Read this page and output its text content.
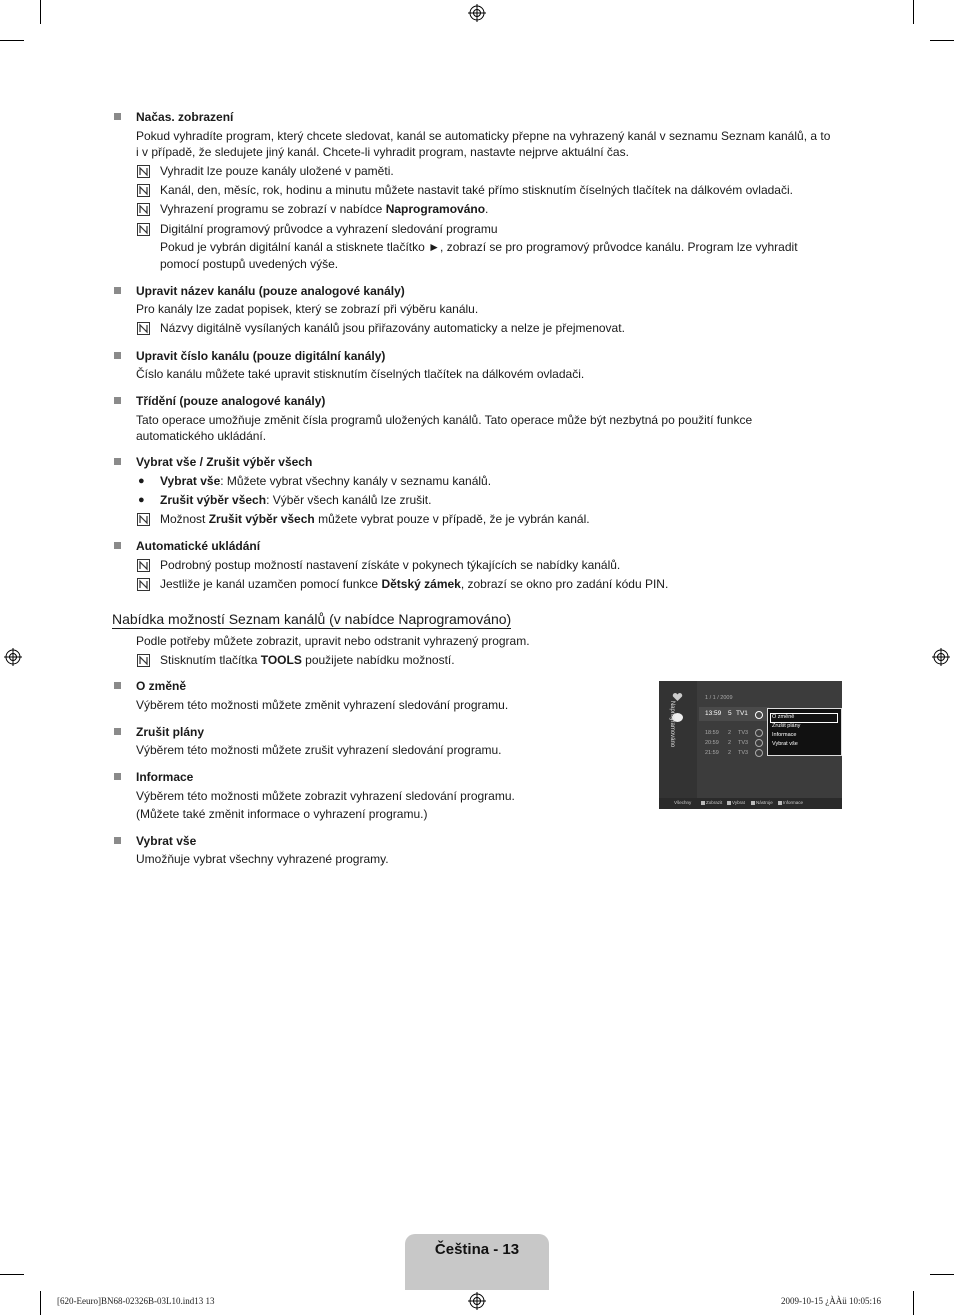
Načas. zobrazení
Pokud vyhradíte program, který chcete sledovat, kanál se automaticky přepne na vyhrazený kanál v seznamu Seznam kanálů, a to
i v případě, že sledujete jiný kanál. Chcete-li vyhradit program, nastavte nejprve aktuální čas.
Vyhradit lze pouze kanály uložené v paměti.
Kanál, den, měsíc, rok, hodinu a minutu můžete nastavit také přímo stisknutím číselných tlačítek na dálkovém ovladači.
Vyhrazení programu se zobrazí v nabídce Naprogramováno.
Digitální programový průvodce a vyhrazení sledování programu
Pokud je vybrán digitální kanál a stisknete tlačítko ►, zobrazí se pro programový průvodce kanálu. Program lze vyhradit
pomocí postupů uvedených výše.
Upravit název kanálu (pouze analogové kanály)
Pro kanály lze zadat popisek, který se zobrazí při výběru kanálu.
Názvy digitálně vysílaných kanálů jsou přiřazovány automaticky a nelze je přejmenovat.
Upravit číslo kanálu (pouze digitální kanály)
Číslo kanálu můžete také upravit stisknutím číselných tlačítek na dálkovém ovladači.
Třídění (pouze analogové kanály)
Tato operace umožňuje změnit čísla programů uložených kanálů. Tato operace může být nezbytná po použití funkce
automatického ukládání.
Vybrat vše / Zrušit výběr všech
● Vybrat vše: Můžete vybrat všechny kanály v seznamu kanálů.
● Zrušit výběr všech: Výběr všech kanálů lze zrušit.
Možnost Zrušit výběr všech můžete vybrat pouze v případě, že je vybrán kanál.
Automatické ukládání
Podrobný postup možností nastavení získáte v pokynech týkajících se nabídky kanálů.
Jestliže je kanál uzamčen pomocí funkce Dětský zámek, zobrazí se okno pro zadání kódu PIN.
Nabídka možností Seznam kanálů (v nabídce Naprogramováno)
Podle potřeby můžete zobrazit, upravit nebo odstranit vyhrazený program.
Stisknutím tlačítka TOOLS použijete nabídku možností.
O změně
Výběrem této možnosti můžete změnit vyhrazení sledování programu.
Zrušit plány
Výběrem této možnosti můžete zrušit vyhrazení sledování programu.
Informace
Výběrem této možnosti můžete zobrazit vyhrazení sledování programu.
(Můžete také změnit informace o vyhrazení programu.)
Vybrat vše
Umožňuje vybrat všechny vyhrazené programy.
Naprogramováno
1 / 1 / 2009
13:59 5 TV1
18:59 2 TV3
20:59 2 TV3
21:59 2 TV3
O změně
Zrušit plány
Informace
Vybrat vše
Všechny	Zobrazit	Vybrat	Nástroje	Informace
Čeština - 13
[620-Eeuro]BN68-02326B-03L10.ind13 13	2009-10-15 ¿ÀÀü 10:05:16
